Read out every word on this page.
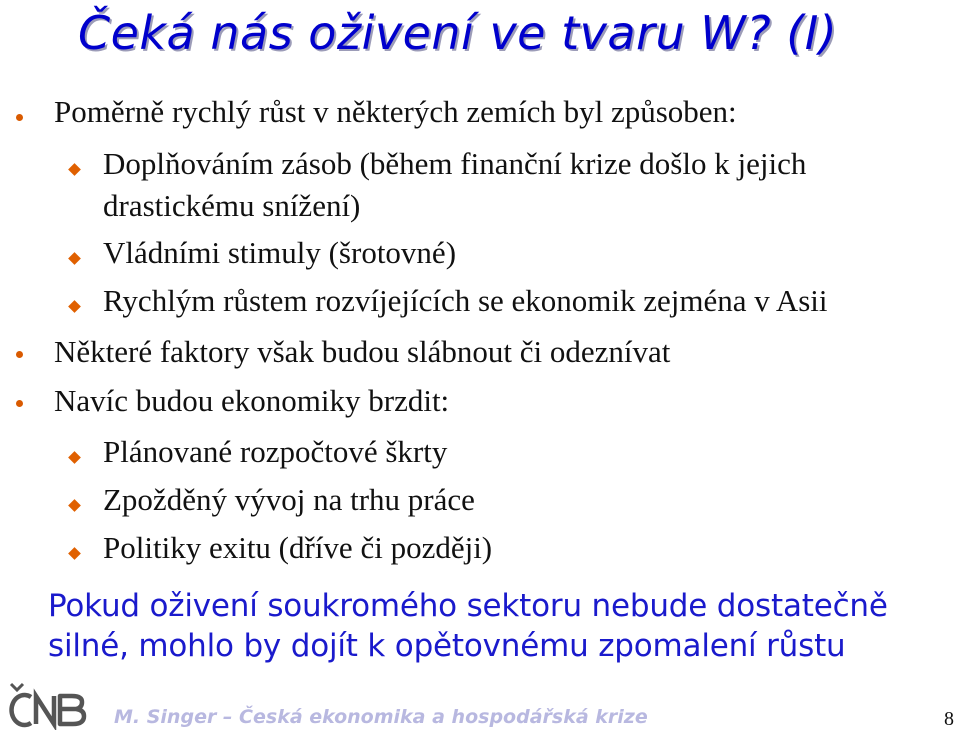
Čeká nás oživení ve tvaru W? (I)
Poměrně rychlý růst v některých zemích byl způsoben:
Doplňováním zásob (během finanční krize došlo k jejich
drastickému snížení)
Vládními stimuly (šrotovné)
Rychlým růstem rozvíjejících se ekonomik zejména v Asii
Některé faktory však budou slábnout či odeznívat
Navíc budou ekonomiky brzdit:
Plánované rozpočtové škrty
Zpožděný vývoj na trhu práce
Politiky exitu (dříve či později)
Pokud oživení soukromého sektoru nebude dostatečně
silné, mohlo by dojít k opětovnému zpomalení růstu
M. Singer – Česká ekonomika a hospodářská krize	8
